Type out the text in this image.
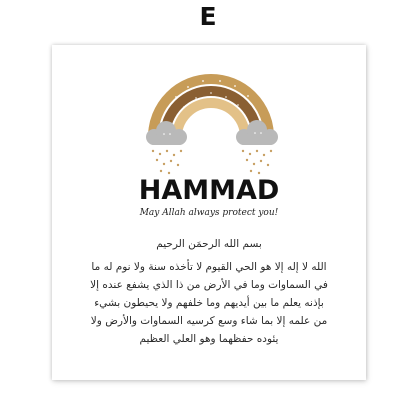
E
HAMMAD
May Allah always protect you!
بسم الله الرحمَن الرحيم
الله لا إله إلا هو الحي القيوم لا تأخذه سنة ولا نوم له ما
في السماوات وما في الأرض من ذا الذي يشفع عنده إلا
بإذنه يعلم ما بين أيديهم وما خلفهم ولا يحيطون بشيء
من علمه إلا بما شاء وسع كرسيه السماوات والأرض ولا
يئوده حفظهما وهو العلي العظيم
